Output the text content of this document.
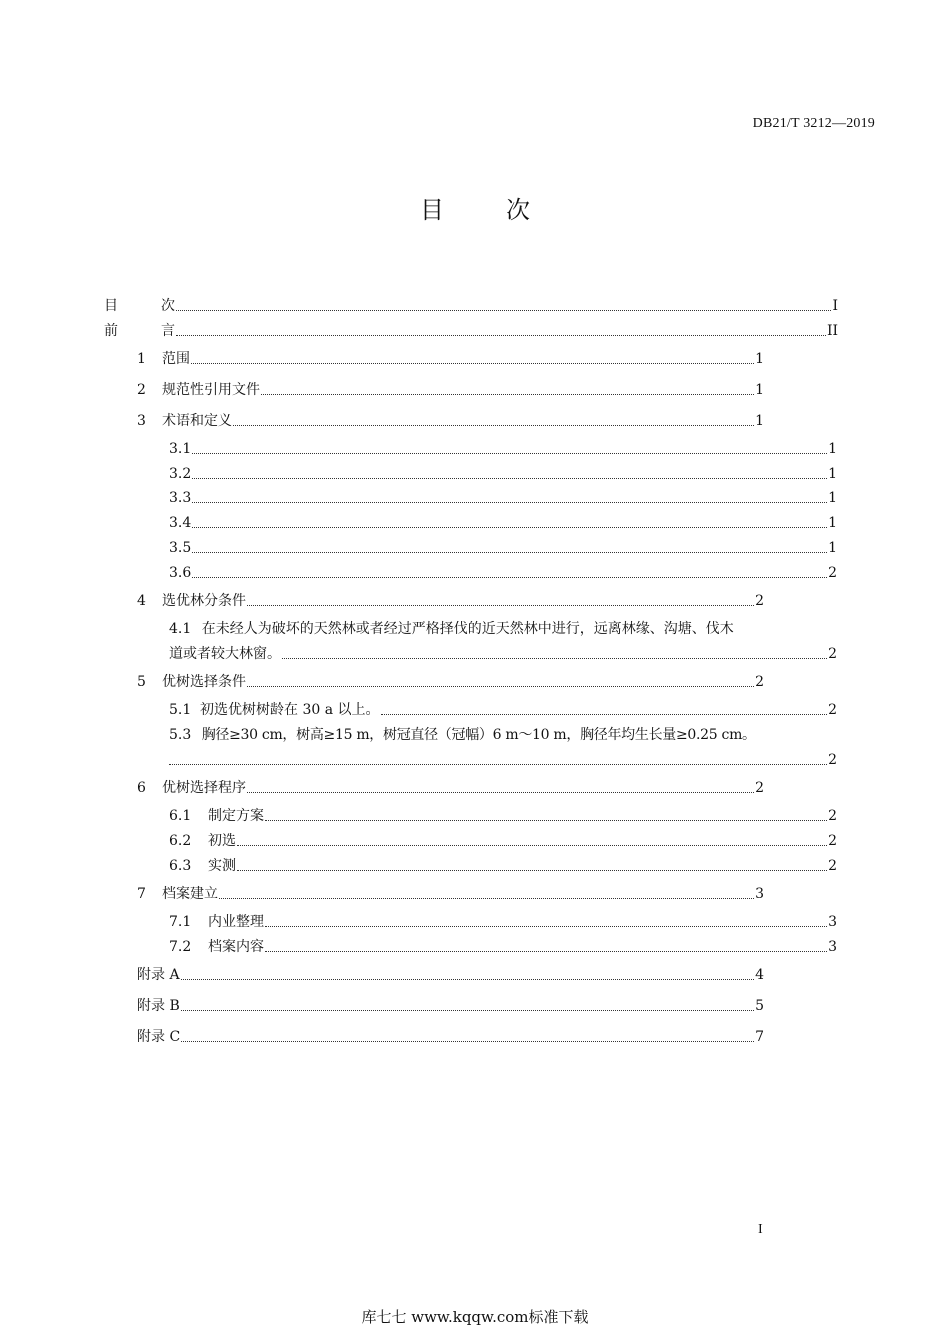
DB21/T 3212—2019
目次
目	次	I
前	言	II
1	范围	1
2	规范性引用文件	1
3	术语和定义	1
3.1	1
3.2	1
3.3	1
3.4	1
3.5	1
3.6	2
4	选优林分条件	2
4.1 在未经人为破坏的天然林或者经过严格择伐的近天然林中进行，远离林缘、沟塘、伐木
道或者较大林窗。	2
5	优树选择条件	2
5.1 初选优树树龄在 30 a 以上。	2
5.3 胸径≥30 cm，树高≥15 m，树冠直径（冠幅）6 m～10 m，胸径年均生长量≥0.25 cm。
2
6	优树选择程序	2
6.1	制定方案	2
6.2	初选	2
6.3	实测	2
7	档案建立	3
7.1	内业整理	3
7.2	档案内容	3
附录 A	4
附录 B	5
附录 C	7
I
库七七 www.kqqw.com标准下载
